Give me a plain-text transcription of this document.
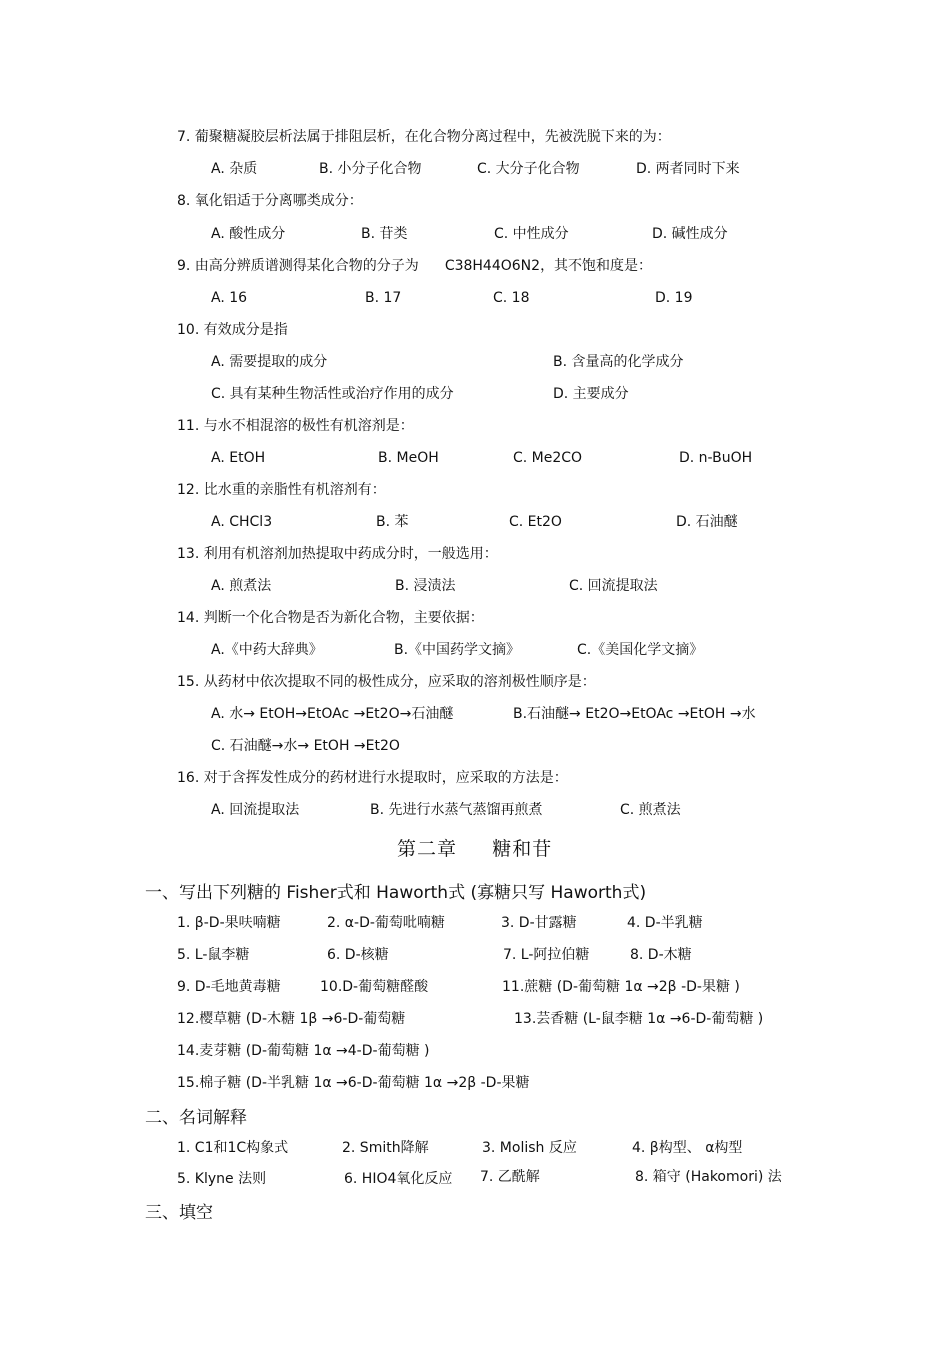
7. 葡聚糖凝胶层析法属于排阻层析，在化合物分离过程中，先被洗脱下来的为：
A. 杂质	B. 小分子化合物	C. 大分子化合物	D. 两者同时下来
8. 氧化铝适于分离哪类成分：
A. 酸性成分	B. 苷类	C. 中性成分	D. 碱性成分
9. 由高分辨质谱测得某化合物的分子为 C38H44O6N2，其不饱和度是：
A. 16	B. 17	C. 18	D. 19
10. 有效成分是指
A. 需要提取的成分	B. 含量高的化学成分
C. 具有某种生物活性或治疗作用的成分	D. 主要成分
11. 与水不相混溶的极性有机溶剂是：
A. EtOH	B. MeOH	C. Me2CO	D. n-BuOH
12. 比水重的亲脂性有机溶剂有：
A. CHCl3	B. 苯	C. Et2O	D. 石油醚
13. 利用有机溶剂加热提取中药成分时，一般选用：
A. 煎煮法	B. 浸渍法	C. 回流提取法
14. 判断一个化合物是否为新化合物，主要依据：
A.《中药大辞典》	B.《中国药学文摘》	C.《美国化学文摘》
15. 从药材中依次提取不同的极性成分，应采取的溶剂极性顺序是：
A. 水→ EtOH→EtOAc →Et2O→石油醚	B.石油醚→ Et2O→EtOAc →EtOH →水
C. 石油醚→水→ EtOH →Et2O
16. 对于含挥发性成分的药材进行水提取时，应采取的方法是：
A. 回流提取法	B. 先进行水蒸气蒸馏再煎煮	C. 煎煮法
第二章     糖和苷
一、写出下列糖的 Fisher式和 Haworth式 (寡糖只写 Haworth式)
1. β-D-果呋喃糖	2. α-D-葡萄吡喃糖	3. D-甘露糖	4. D-半乳糖
5. L-鼠李糖	6. D-核糖	7. L-阿拉伯糖	8. D-木糖
9. D-毛地黄毒糖	10.D-葡萄糖醛酸	11.蔗糖 (D-葡萄糖 1α →2β -D-果糖 )
12.樱草糖 (D-木糖 1β →6-D-葡萄糖	13.芸香糖 (L-鼠李糖 1α →6-D-葡萄糖 )
14.麦芽糖 (D-葡萄糖 1α →4-D-葡萄糖 )
15.棉子糖 (D-半乳糖 1α →6-D-葡萄糖 1α →2β -D-果糖
二、名词解释
1. C1和1C构象式	2. Smith降解	3. Molish 反应	4. β构型、 α构型
5. Klyne 法则	6. HIO4氧化反应 7. 乙酰解	8. 箱守 (Hakomori) 法
三、填空
